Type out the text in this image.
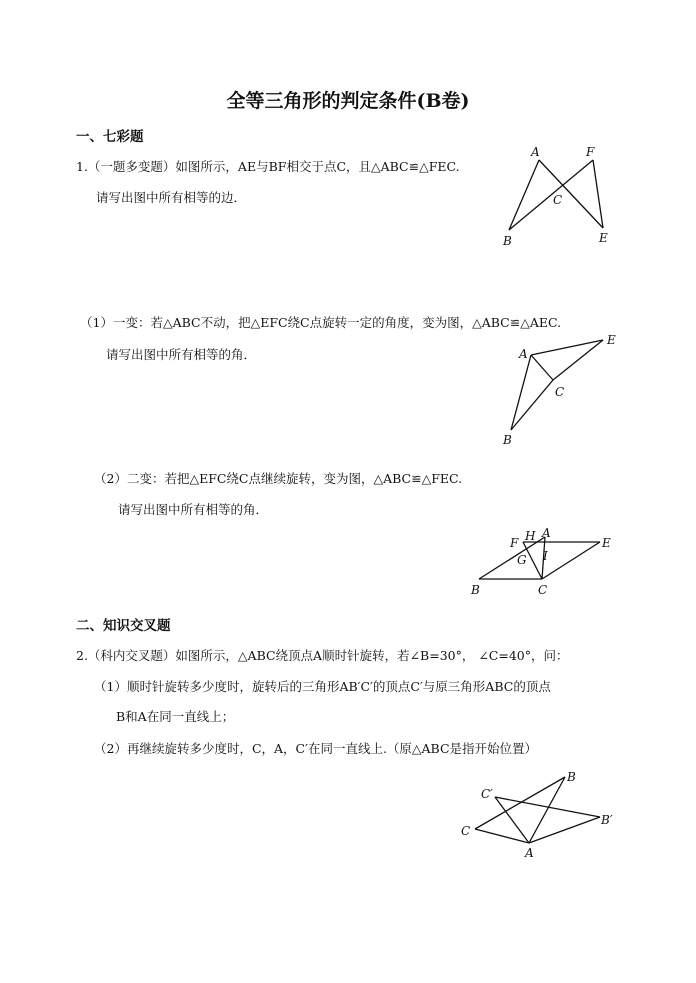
全等三角形的判定条件(B卷)
一、七彩题
1.（一题多变题）如图所示，AE与BF相交于点C，且△ABC≌△FEC.
请写出图中所有相等的边．
A	F
C
B	E
（1）一变：若△ABC不动，把△EFC绕C点旋转一定的角度，变为图，△ABC≌△AEC.
请写出图中所有相等的角．	A
E
C
B
（2）二变：若把△EFC绕C点继续旋转，变为图，△ABC≌△FEC.
请写出图中所有相等的角．
H A
F	E
I
G
B	C
二、知识交叉题
2.（科内交叉题）如图所示，△ABC绕顶点A顺时针旋转，若∠B=30°， ∠C=40°，问：
（1）顺时针旋转多少度时，旋转后的三角形AB′C′的顶点C′与原三角形ABC的顶点
B和A在同一直线上；
（2）再继续旋转多少度时，C，A，C′在同一直线上.（原△ABC是指开始位置）
B
C′
C
B′
A
